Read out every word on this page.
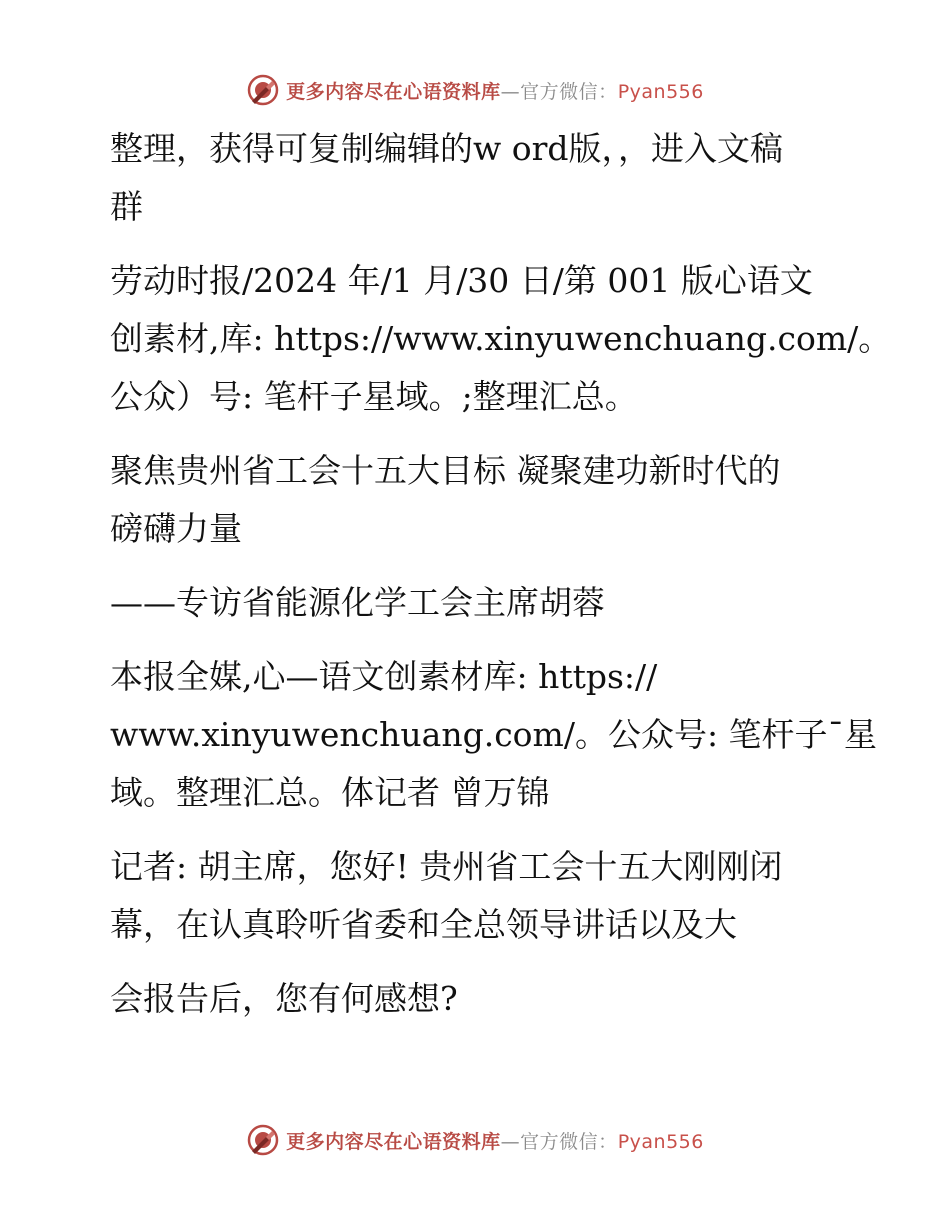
更多内容尽在心语资料库—官方微信：Pyan556

整理，获得可复制编辑的w ord版，，进入文稿
群

劳动时报/2024 年/1 月/30 日/第 001 版心语文
创素材,库: https://www.xinyuwenchuang.com/。
公众）号: 笔杆子星域。;整理汇总。

聚焦贵州省工会十五大目标 凝聚建功新时代的
磅礴力量

——专访省能源化学工会主席胡蓉

本报全媒,心—语文创素材库: https://
www.xinyuwenchuang.com/。公众号: 笔杆子¯星
域。整理汇总。体记者 曾万锦

记者: 胡主席，您好! 贵州省工会十五大刚刚闭
幕，在认真聆听省委和全总领导讲话以及大

会报告后，您有何感想?

更多内容尽在心语资料库—官方微信：Pyan556
